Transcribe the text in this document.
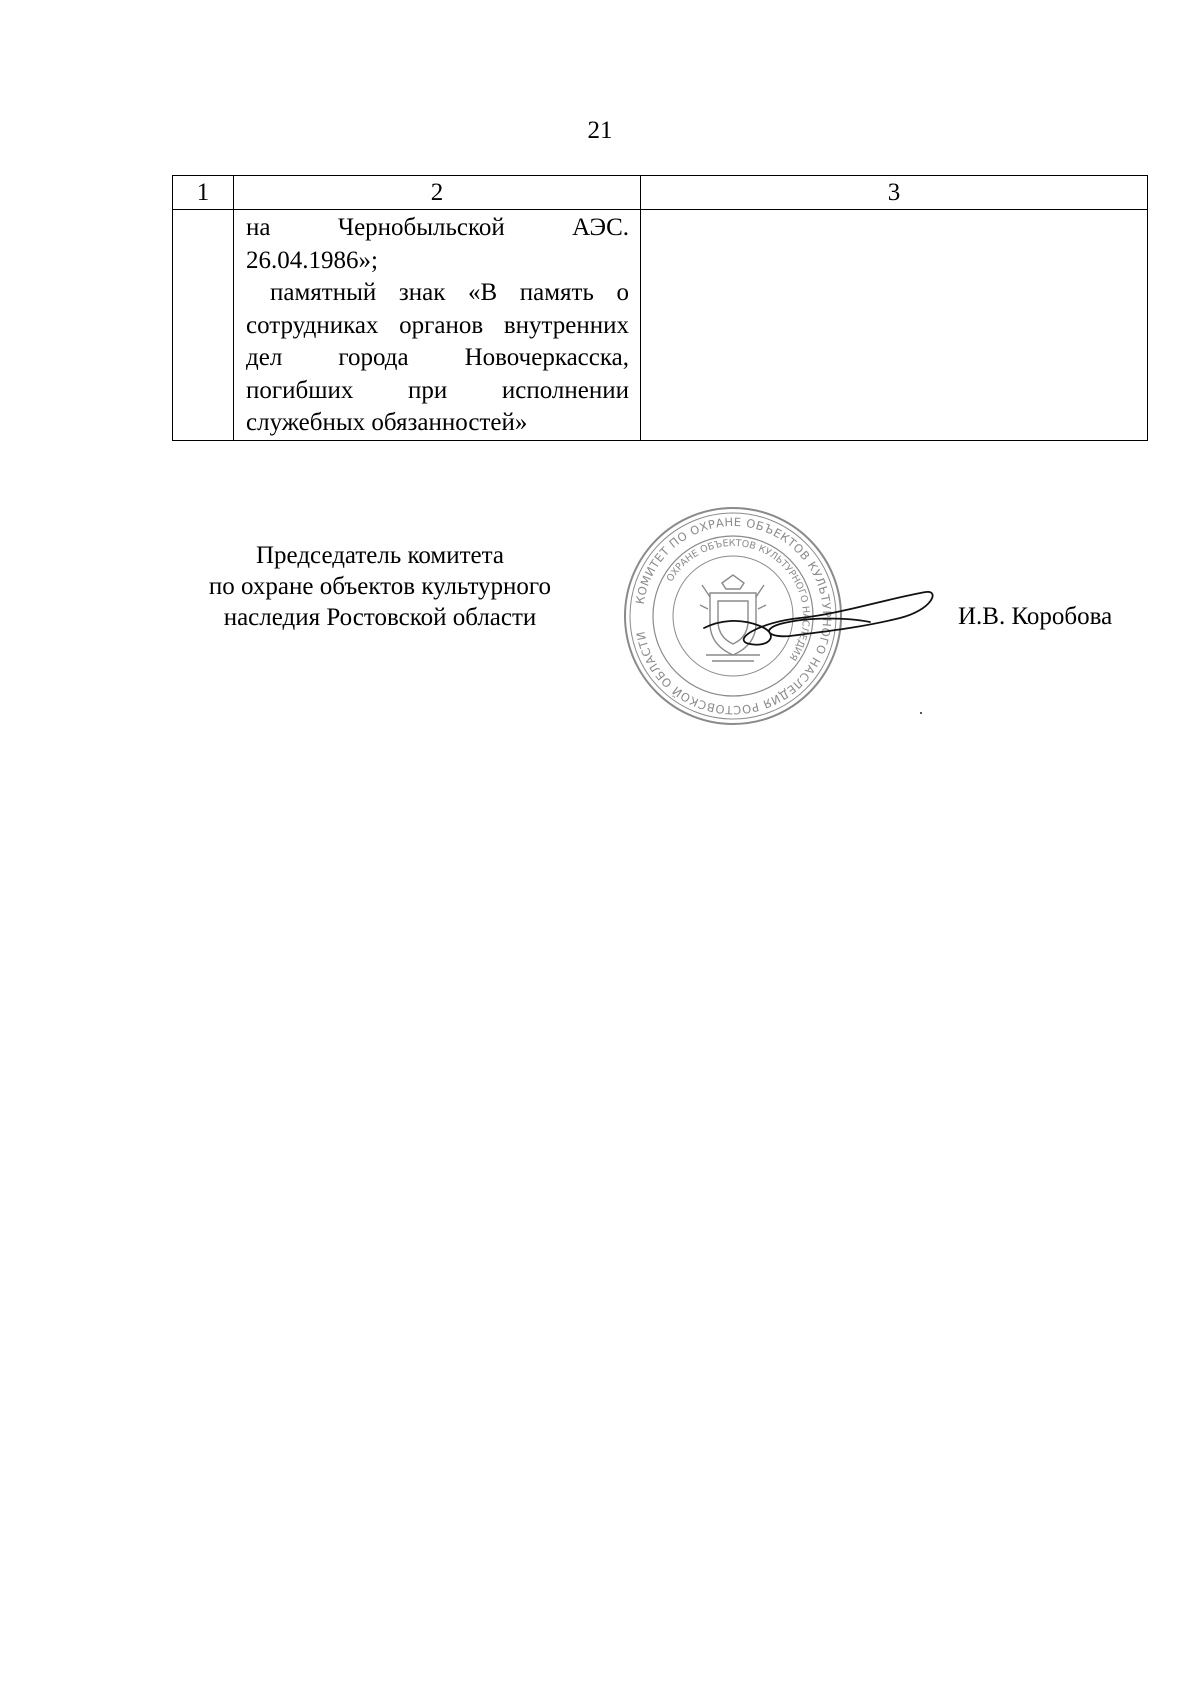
21
1	2	3

	на Чернобыльской АЭС. 26.04.1986»;

памятный знак «В память о сотрудниках органов внутренних дел города Новочеркасска, погибших при исполнении служебных обязанностей»	

Председатель комитета
по охране объектов культурного
наследия Ростовской области
КОМИТЕТ ПО ОХРАНЕ ОБЪЕКТОВ КУЛЬТУРНОГО НАСЛЕДИЯ РОСТОВСКОЙ ОБЛАСТИ
ОХРАНЕ ОБЪЕКТОВ КУЛЬТУРНОГО НАСЛЕДИЯ
И.В. Коробова
